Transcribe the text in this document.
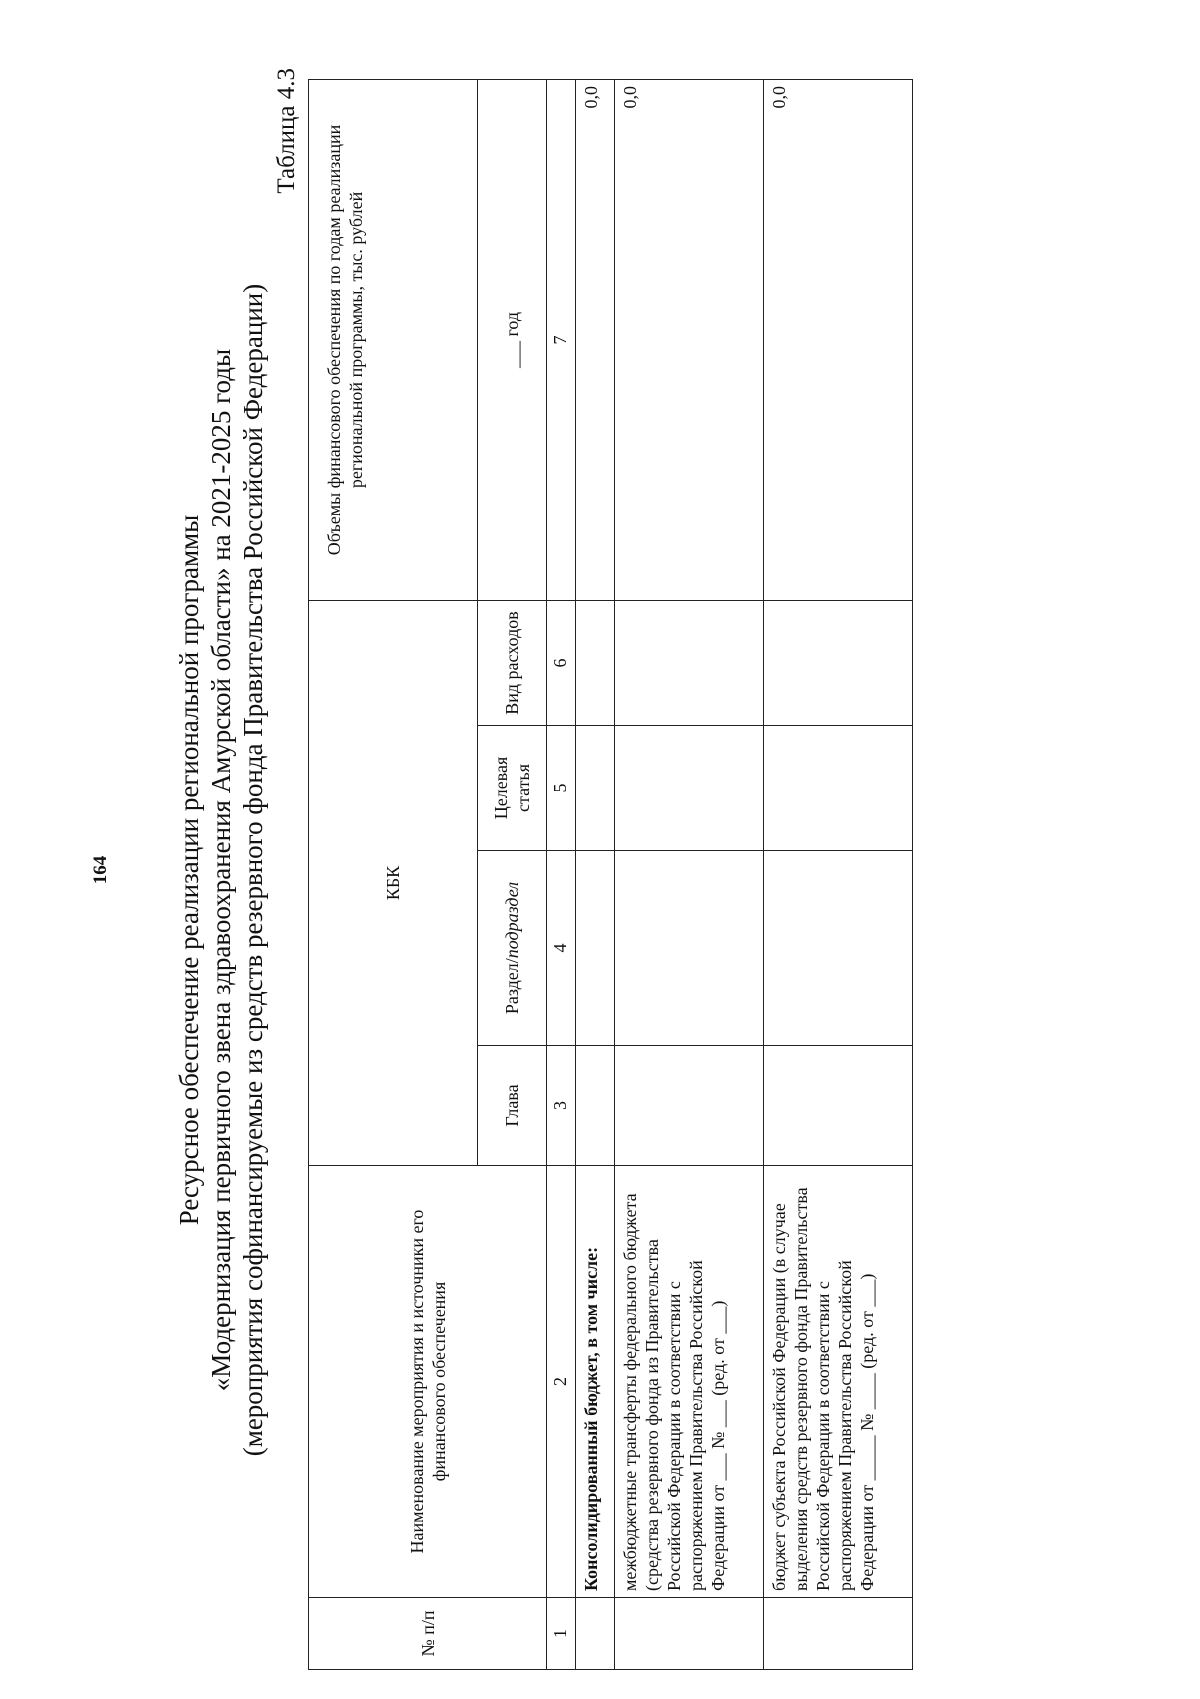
164 Ресурсное обеспечение реализации региональной программы «Модернизация первичного звена здравоохранения Амурской области» на 2021-2025 годы (мероприятия софинансируемые из средств резервного фонда Правительства Российской Федерации)
Таблица 4.3
№ п/п	Наименование мероприятия и источники его финансового обеспечения	КБК				Объемы финансового обеспечения по годам реализации региональной программы, тыс. рублей
		Глава	Раздел/подраздел	Целевая статья	Вид расходов	___ год
1	2	3	4	5	6	7
	Консолидированный бюджет, в том числе:					0,0
	межбюджетные трансферты федерального бюджета (средства резервного фонда из Правительства Российской Федерации в соответствии с распоряжением Правительства Российской Федерации от ___ № ___ (ред. от ___)					0,0
	бюджет субъекта Российской Федерации (в случае выделения средств резервного фонда Правительства Российской Федерации в соответствии с распоряжением Правительства Российской Федерации от _____ № ____ (ред. от ___)					0,0
